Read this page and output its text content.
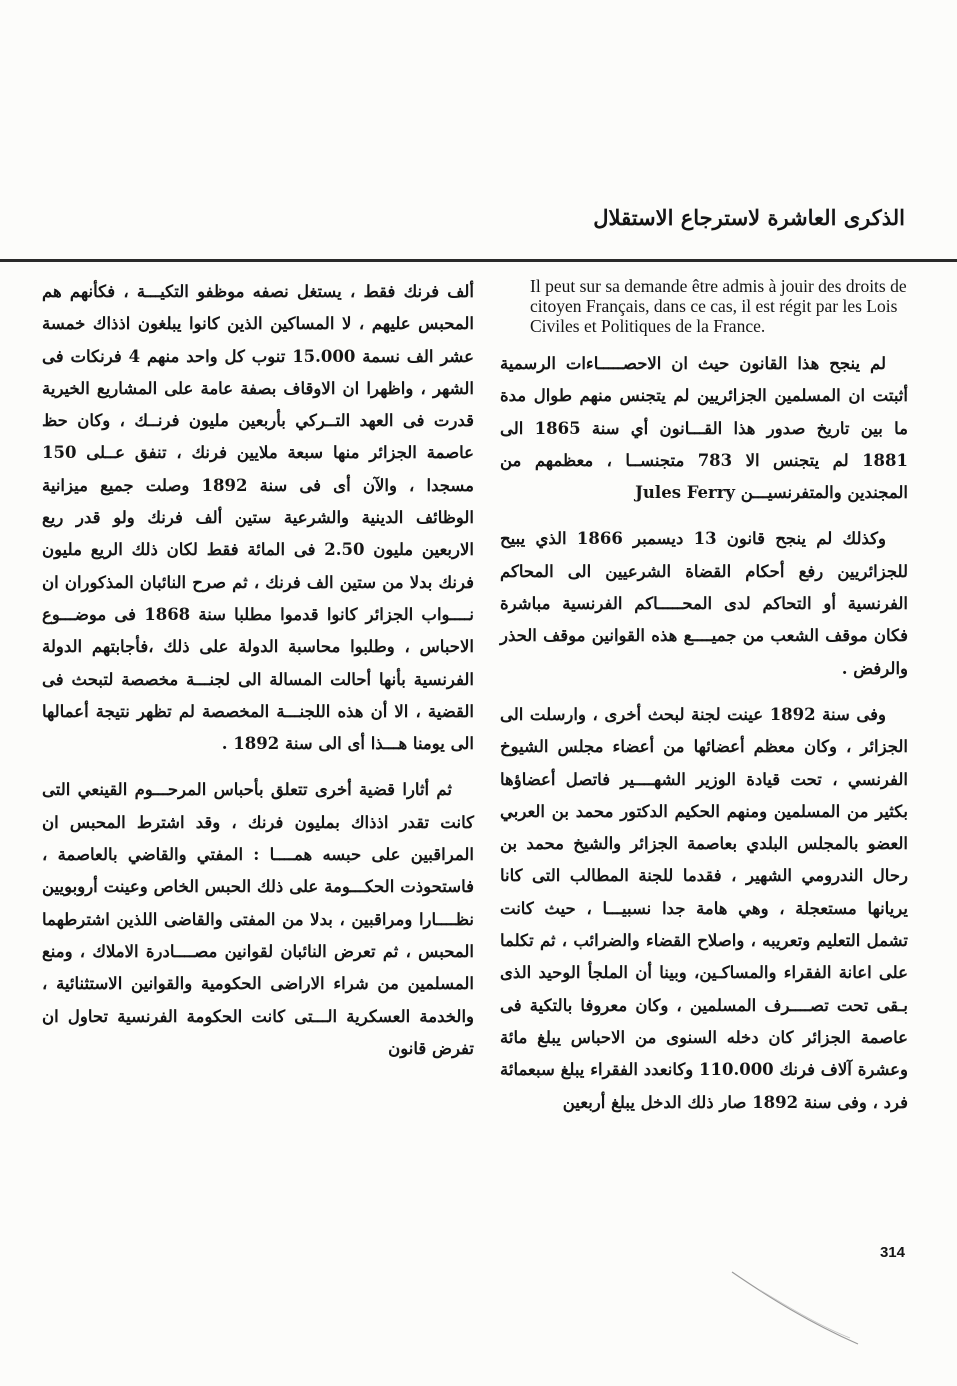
الذكرى العاشرة لاسترجاع الاستقلال

Il peut sur sa demande être admis à jouir des droits de citoyen Français, dans ce cas, il est régit par les Lois Civiles et Politiques de la France.

لم ينجح هذا القانون حيث ان الاحصـــــاءات الرسمية أثبتت ان المسلمين الجزائريين لم يتجنس منهم طوال مدة ما بين تاريخ صدور هذا القـــانون أي سنة 1865 الى 1881 لم يتجنس الا 783 متجنســا ، معظمهم من المجندين والمتفرنسيـــن Jules Ferry

وكذلك لم ينجح قانون 13 ديسمبر 1866 الذي يبيح للجزائريين رفع أحكام القضاة الشرعيين الى المحاكم الفرنسية أو التحاكم لدى المحـــــاكم الفرنسية مباشرة فكان موقف الشعب من جميــــع هذه القوانين موقف الحذر والرفض .

وفى سنة 1892 عينت لجنة لبحث أخرى ، وارسلت الى الجزائر ، وكان معظم أعضائها من أعضاء مجلس الشيوخ الفرنسي ، تحت قيادة الوزير الشهــــير فاتصل أعضاؤها بكثير من المسلمين ومنهم الحكيم الدكتور محمد بن العربي العضو بالمجلس البلدي بعاصمة الجزائر والشيخ محمد بن رحال الندرومي الشهير ، فقدما للجنة المطالب التى كانا يريانها مستعجلة ، وهي هامة جدا نسبيـــا ، حيث كانت تشمل التعليم وتعريبه ، واصلاح القضاء والضرائب ، ثم تكلما على اعانة الفقراء والمساكـين، وبينا أن الملجأ الوحيد الذى بـقى تحت تصــــرف المسلمين ، وكان معروفا بالتكية فى عاصمة الجزائر كان دخله السنوى من الاحباس يبلغ مائة وعشرة آلاف فرنك 110.000 وكانعدد الفقراء يبلغ سبعمائة فرد ، وفى سنة 1892 صار ذلك الدخل يبلغ أربعين

ألف فرنك فقط ، يستغل نصفه موظفو التكيـــة ، فكأنهم هم المحبس عليهم ، لا المساكين الذين كانوا يبلغون اذذاك خمسة عشر الف نسمة 15.000 تنوب كل واحد منهم 4 فرنكات فى الشهر ، واظهرا ان الاوقاف بصفة عامة على المشاريع الخيرية قدرت فى العهد التــركي بأربعين مليون فرنــك ، وكان حظ عاصمة الجزائر منها سبعة ملايين فرنك ، تنفق عــلى 150 مسجدا ، والآن أى فى سنة 1892 وصلت جميع ميزانية الوظائف الدينية والشرعية ستين ألف فرنك ولو قدر ريع الاربعين مليون 2.50 فى المائة فقط لكان ذلك الريع مليون فرنك بدلا من ستين الف فرنك ، ثم صرح النائبان المذكوران ان نــــواب الجزائر كانوا قدموا مطلبا سنة 1868 فى موضـــوع الاحباس ، وطلبوا محاسبة الدولة على ذلك ،فأجابتهم الدولة الفرنسية بأنها أحالت المسالة الى لجنـــة مخصصة لتبحث فى القضية ، الا أن هذه اللجنـــة المخصصة لم تظهر نتيجة أعمالها الى يومنا هـــذا أى الى سنة 1892 .

ثم أثارا قضية أخرى تتعلق بأحباس المرحـــوم القينعي التى كانت تقدر اذذاك بمليون فرنك ، وقد اشترط المحبس ان المراقبين على حبسه همــــا : المفتي والقاضي بالعاصمة ، فاستحوذت الحكـــومة على ذلك الحبس الخاص وعينت أروبويين نظــــارا ومراقبين ، بدلا من المفتى والقاضى اللذين اشترطهما المحبس ، ثم تعرض النائبان لقوانين مصــــادرة الاملاك ، ومنع المسلمين من شراء الاراضى الحكومية والقوانين الاستثنائية ، والخدمة العسكرية الـــتى كانت الحكومة الفرنسية تحاول ان تفرض قانون

314
